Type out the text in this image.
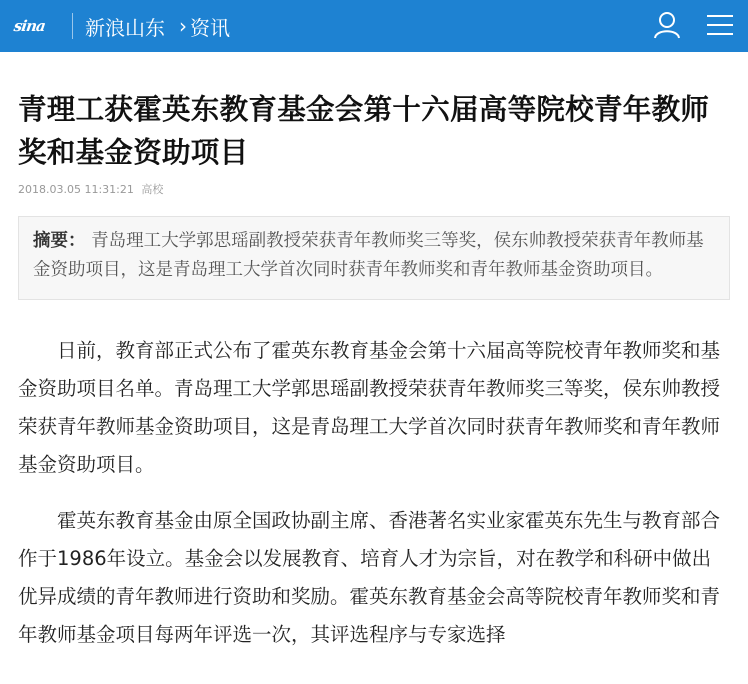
sina	新浪山东 › 资讯
青理工获霍英东教育基金会第十六届高等院校青年教师奖和基金资助项目
2018.03.05 11:31:21 高校
摘要： 青岛理工大学郭思瑶副教授荣获青年教师奖三等奖，侯东帅教授荣获青年教师基金资助项目，这是青岛理工大学首次同时获青年教师奖和青年教师基金资助项目。

日前，教育部正式公布了霍英东教育基金会第十六届高等院校青年教师奖和基金资助项目名单。青岛理工大学郭思瑶副教授荣获青年教师奖三等奖，侯东帅教授荣获青年教师基金资助项目，这是青岛理工大学首次同时获青年教师奖和青年教师基金资助项目。

霍英东教育基金由原全国政协副主席、香港著名实业家霍英东先生与教育部合作于1986年设立。基金会以发展教育、培育人才为宗旨，对在教学和科研中做出优异成绩的青年教师进行资助和奖励。霍英东教育基金会高等院校青年教师奖和青年教师基金项目每两年评选一次，其评选程序与专家选择
